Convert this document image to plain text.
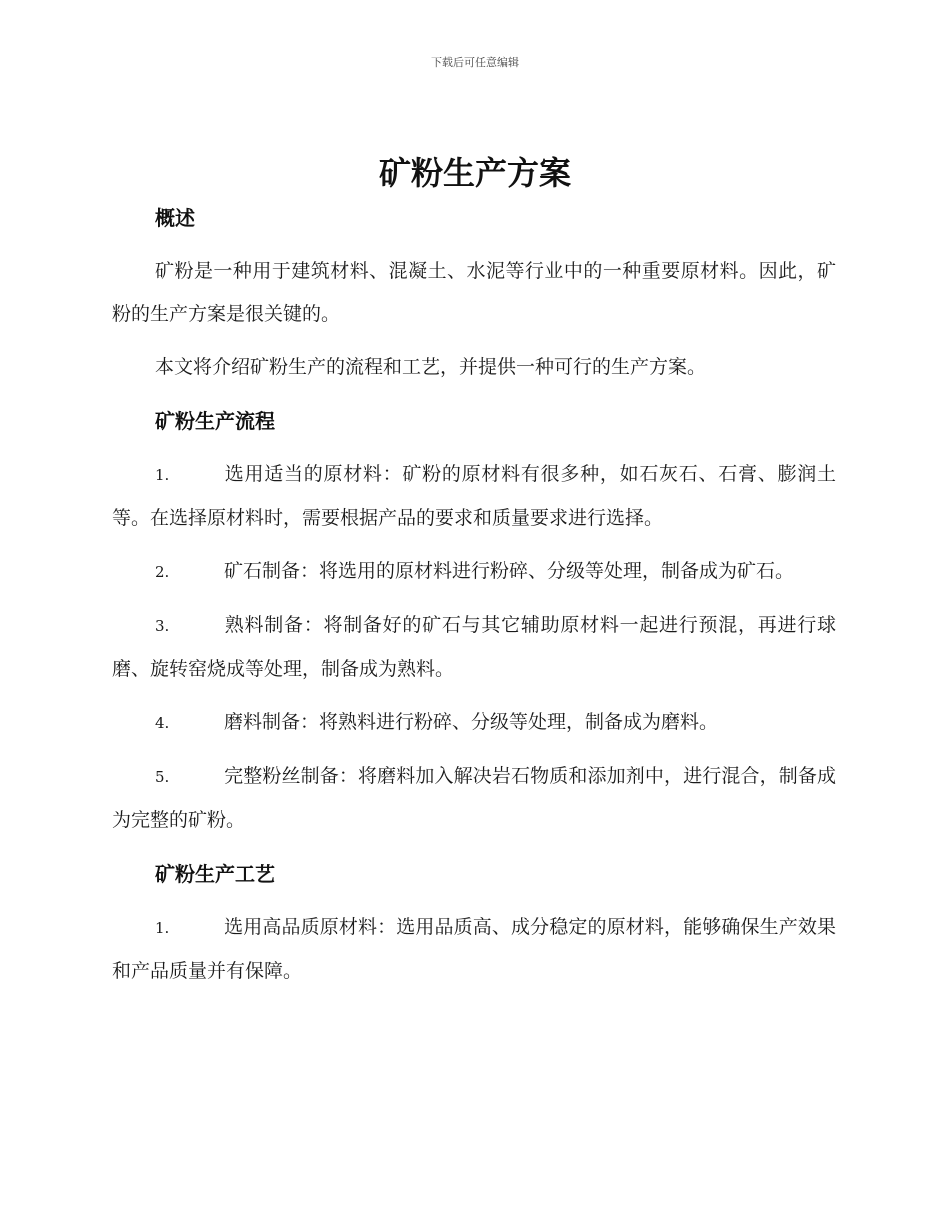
下载后可任意编辑
矿粉生产方案
概述

矿粉是一种用于建筑材料、混凝土、水泥等行业中的一种重要原材料。因此，矿粉的生产方案是很关键的。

本文将介绍矿粉生产的流程和工艺，并提供一种可行的生产方案。

矿粉生产流程

1.	选用适当的原材料：矿粉的原材料有很多种，如石灰石、石膏、膨润土等。在选择原材料时，需要根据产品的要求和质量要求进行选择。

2.	矿石制备：将选用的原材料进行粉碎、分级等处理，制备成为矿石。

3.	熟料制备：将制备好的矿石与其它辅助原材料一起进行预混，再进行球磨、旋转窑烧成等处理，制备成为熟料。

4.	磨料制备：将熟料进行粉碎、分级等处理，制备成为磨料。

5.	完整粉丝制备：将磨料加入解决岩石物质和添加剂中，进行混合，制备成为完整的矿粉。

矿粉生产工艺

1.	选用高品质原材料：选用品质高、成分稳定的原材料，能够确保生产效果和产品质量并有保障。
